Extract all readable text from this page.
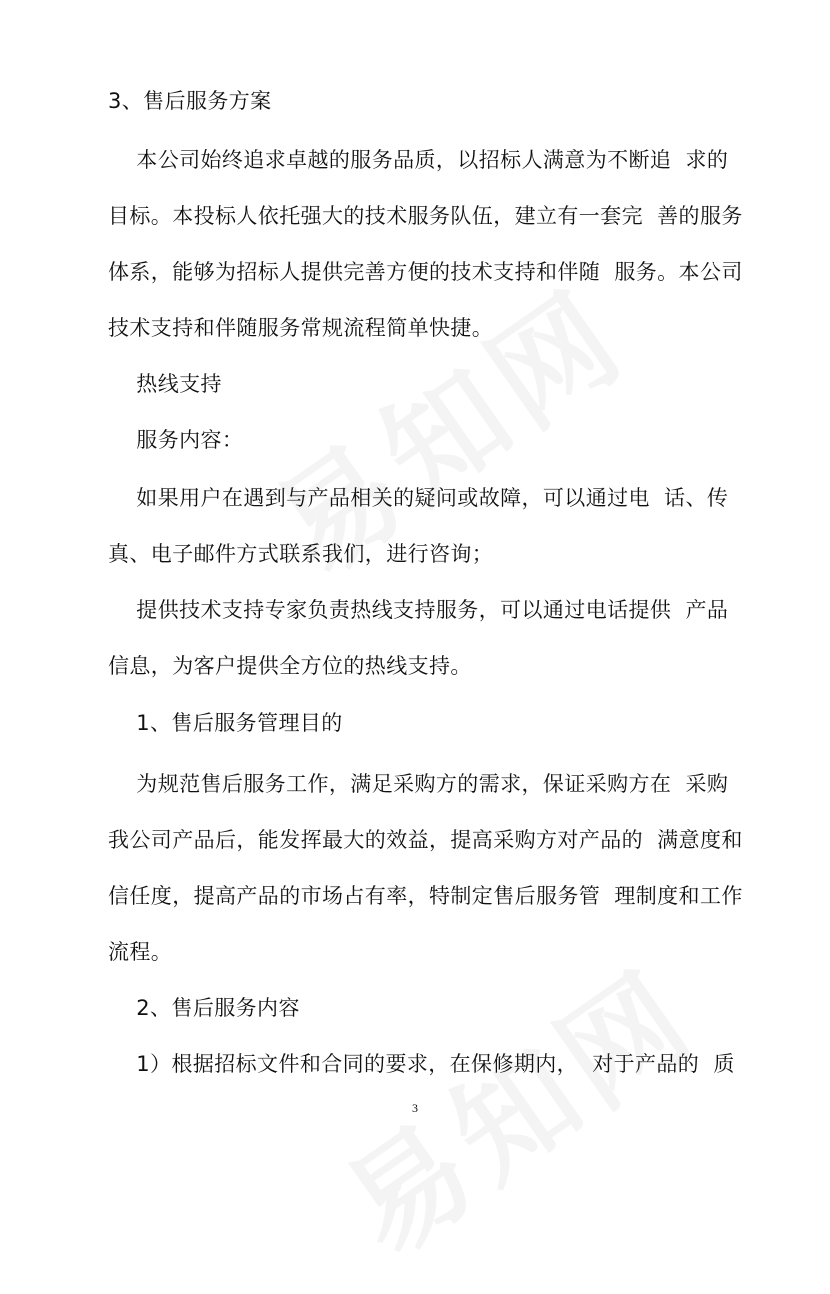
3、售后服务方案
本公司始终追求卓越的服务品质，以招标人满意为不断追  求的
目标。本投标人依托强大的技术服务队伍，建立有一套完  善的服务
体系，能够为招标人提供完善方便的技术支持和伴随  服务。本公司
技术支持和伴随服务常规流程简单快捷。
热线支持
服务内容：
如果用户在遇到与产品相关的疑问或故障，可以通过电  话、传
真、电子邮件方式联系我们，进行咨询；
提供技术支持专家负责热线支持服务，可以通过电话提供  产品
信息，为客户提供全方位的热线支持。
1、售后服务管理目的
为规范售后服务工作，满足采购方的需求，保证采购方在  采购
我公司产品后，能发挥最大的效益，提高采购方对产品的  满意度和
信任度，提高产品的市场占有率，特制定售后服务管  理制度和工作
流程。
2、售后服务内容
1）根据招标文件和合同的要求，在保修期内，  对于产品的  质
3
